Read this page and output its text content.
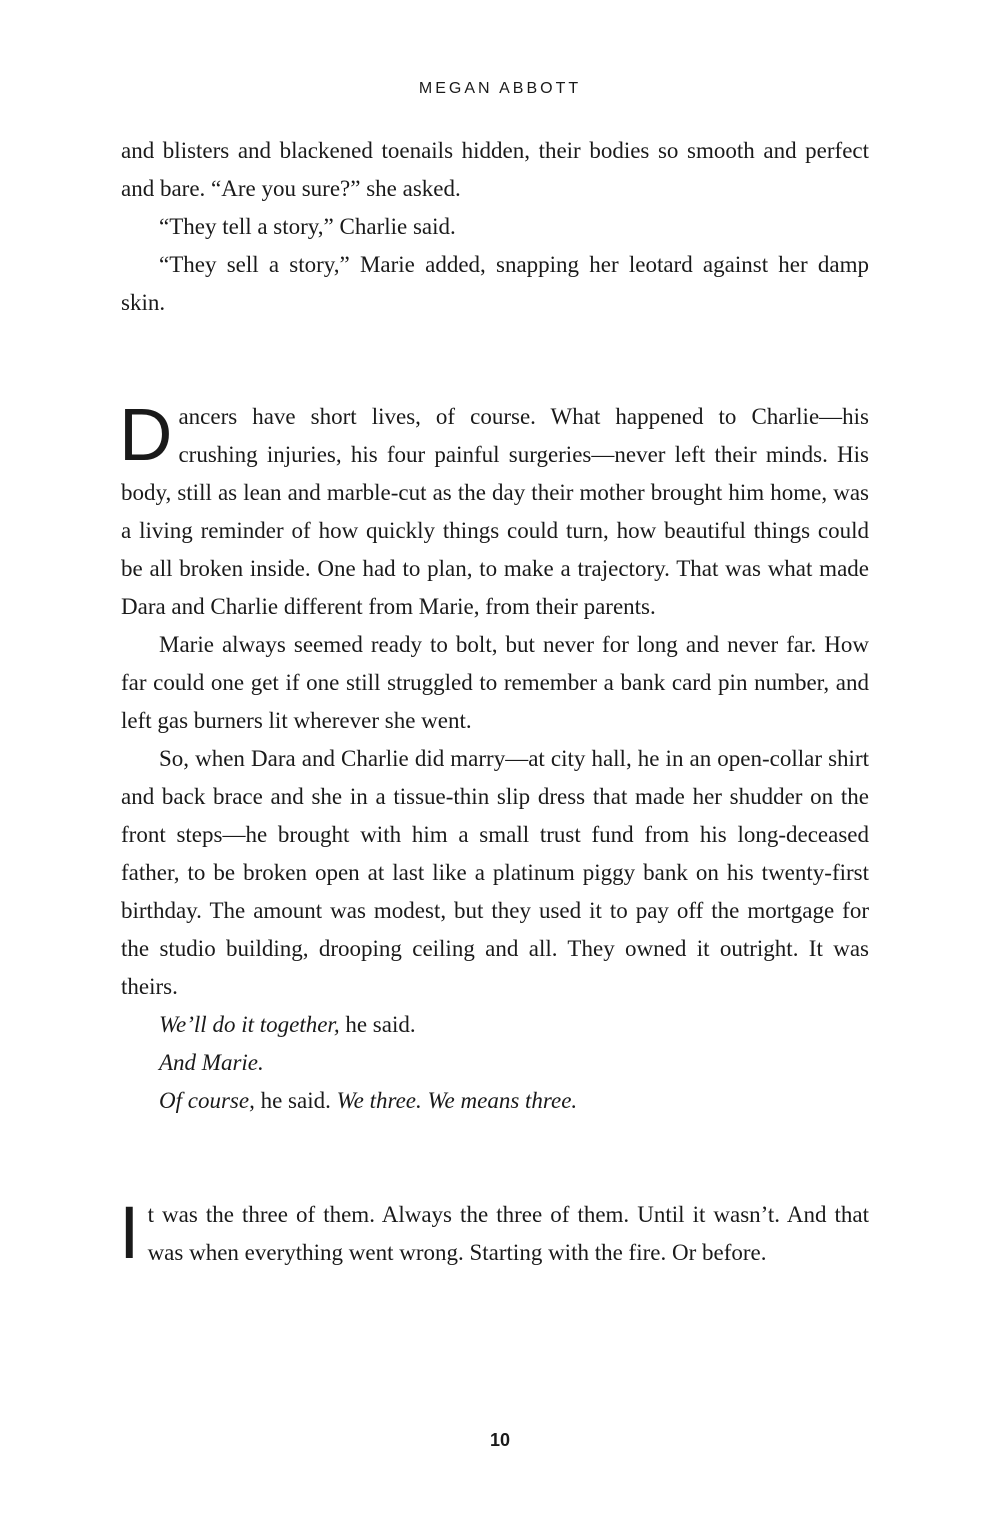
MEGAN ABBOTT

and blisters and blackened toenails hidden, their bodies so smooth and perfect and bare. “Are you sure?” she asked.

“They tell a story,” Charlie said.

“They sell a story,” Marie added, snapping her leotard against her damp skin.

Dancers have short lives, of course. What happened to Charlie—his crushing injuries, his four painful surgeries—never left their minds. His body, still as lean and marble-cut as the day their mother brought him home, was a living reminder of how quickly things could turn, how beautiful things could be all broken inside. One had to plan, to make a trajectory. That was what made Dara and Charlie different from Marie, from their parents.

Marie always seemed ready to bolt, but never for long and never far. How far could one get if one still struggled to remember a bank card pin number, and left gas burners lit wherever she went.

So, when Dara and Charlie did marry—at city hall, he in an open-collar shirt and back brace and she in a tissue-thin slip dress that made her shudder on the front steps—he brought with him a small trust fund from his long-deceased father, to be broken open at last like a platinum piggy bank on his twenty-first birthday. The amount was modest, but they used it to pay off the mortgage for the studio building, drooping ceiling and all. They owned it outright. It was theirs.

We’ll do it together, he said.

And Marie.

Of course, he said. We three. We means three.

It was the three of them. Always the three of them. Until it wasn’t. And that was when everything went wrong. Starting with the fire. Or before.

10
